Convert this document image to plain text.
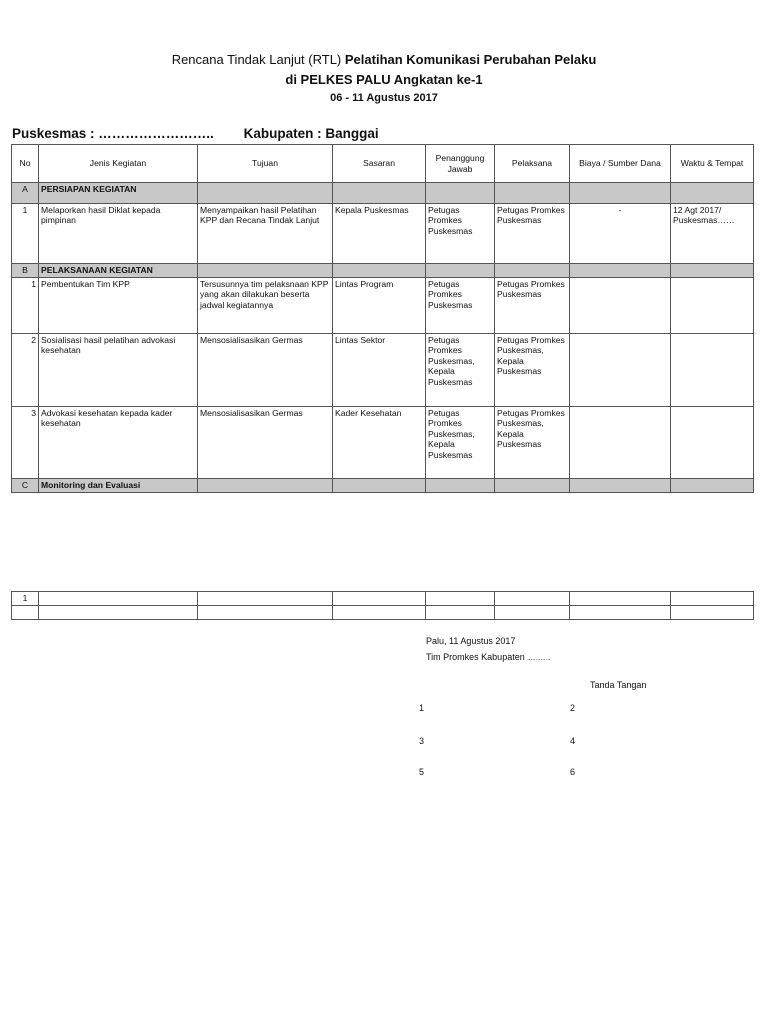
Rencana Tindak Lanjut (RTL) Pelatihan Komunikasi Perubahan Pelaku
di PELKES PALU Angkatan ke-1
06 - 11 Agustus 2017
Puskesmas : …………………….. Kabupaten : Banggai
No	Jenis Kegiatan	Tujuan	Sasaran	Penanggung Jawab	Pelaksana	Biaya / Sumber Dana	Waktu & Tempat
A	PERSIAPAN KEGIATAN						
1	Melaporkan hasil Diklat kepada pimpinan	Menyampaikan hasil Pelatihan KPP dan Recana Tindak Lanjut	Kepala Puskesmas	Petugas Promkes Puskesmas	Petugas Promkes Puskesmas	-	12 Agt 2017/ Puskesmas……
B	PELAKSANAAN KEGIATAN						
1	Pembentukan Tim KPP	Tersusunnya tim pelaksnaan KPP yang akan dilakukan beserta jadwal kegiatannya	Lintas Program	Petugas Promkes Puskesmas	Petugas Promkes Puskesmas		
2	Sosialisasi hasil pelatihan advokasi kesehatan	Mensosialisasikan Germas	Lintas Sektor	Petugas Promkes Puskesmas, Kepala Puskesmas	Petugas Promkes Puskesmas, Kepala Puskesmas		
3	Advokasi kesehatan kepada kader kesehatan	Mensosialisasikan Germas	Kader Kesehatan	Petugas Promkes Puskesmas, Kepala Puskesmas	Petugas Promkes Puskesmas, Kepala Puskesmas		
C	Monitoring dan Evaluasi						
1							

Palu, 11 Agustus 2017
Tim Promkes Kabupaten ..............
Tanda Tangan
1	2
3	4
5	6
